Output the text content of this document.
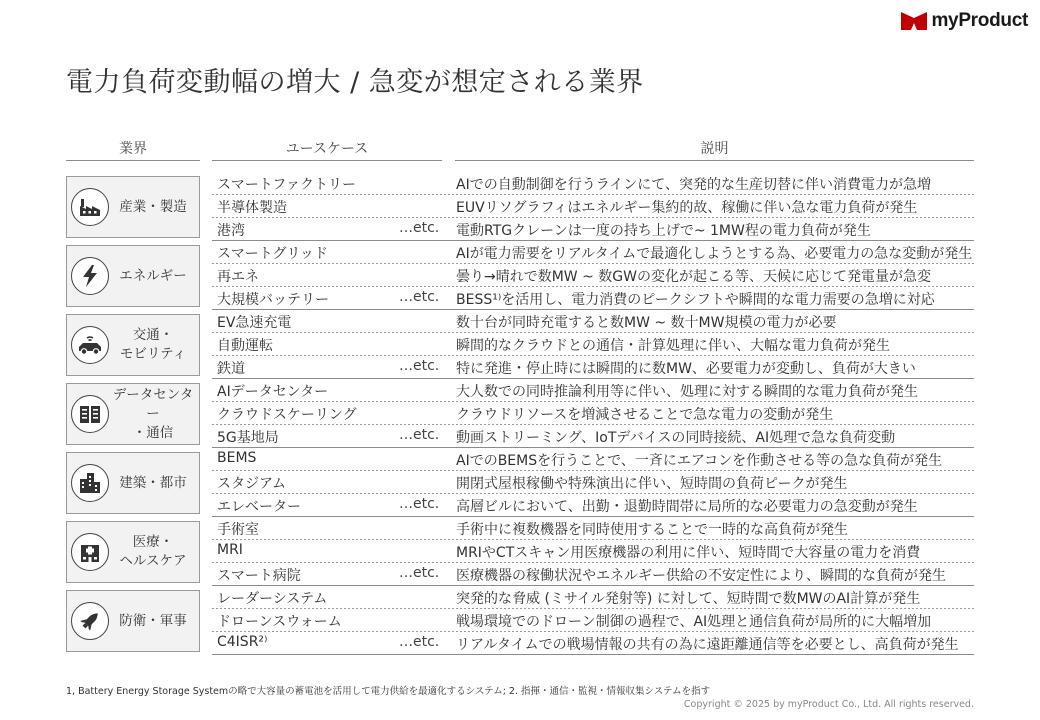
myProduct
電力負荷変動幅の増大 / 急変が想定される業界
業界	ユースケース	説明
産業・製造
スマートファクトリー	AIでの自動制御を行うラインにて、突発的な生産切替に伴い消費電力が急増
半導体製造	EUVリソグラフィはエネルギー集約的故、稼働に伴い急な電力負荷が発生
港湾	…etc. 電動RTGクレーンは一度の持ち上げで~ 1MW程の電力負荷が発生
エネルギー
スマートグリッド	AIが電力需要をリアルタイムで最適化しようとする為、必要電力の急な変動が発生
再エネ	曇り→晴れで数MW ~ 数GWの変化が起こる等、天候に応じて発電量が急変
大規模バッテリー	…etc. BESS¹⁾を活用し、電力消費のピークシフトや瞬間的な電力需要の急増に対応
交通・
モビリティ
EV急速充電	数十台が同時充電すると数MW ~ 数十MW規模の電力が必要
自動運転	瞬間的なクラウドとの通信・計算処理に伴い、大幅な電力負荷が発生
鉄道	…etc. 特に発進・停止時には瞬間的に数MW、必要電力が変動し、負荷が大きい
データセンター
・通信
AIデータセンター	大人数での同時推論利用等に伴い、処理に対する瞬間的な電力負荷が発生
クラウドスケーリング	クラウドリソースを増減させることで急な電力の変動が発生
5G基地局	…etc. 動画ストリーミング、IoTデバイスの同時接続、AI処理で急な負荷変動
建築・都市
BEMS	AIでのBEMSを行うことで、一斉にエアコンを作動させる等の急な負荷が発生
スタジアム	開閉式屋根稼働や特殊演出に伴い、短時間の負荷ピークが発生
エレベーター	…etc. 高層ビルにおいて、出勤・退勤時間帯に局所的な必要電力の急変動が発生
医療・
ヘルスケア
手術室	手術中に複数機器を同時使用することで一時的な高負荷が発生
MRI	MRIやCTスキャン用医療機器の利用に伴い、短時間で大容量の電力を消費
スマート病院	…etc. 医療機器の稼働状況やエネルギー供給の不安定性により、瞬間的な負荷が発生
防衛・軍事
レーダーシステム	突発的な脅威 (ミサイル発射等) に対して、短時間で数MWのAI計算が発生
ドローンスウォーム	戦場環境でのドローン制御の過程で、AI処理と通信負荷が局所的に大幅増加
C4ISR²⁾	…etc. リアルタイムでの戦場情報の共有の為に遠距離通信等を必要とし、高負荷が発生
1, Battery Energy Storage Systemの略で大容量の蓄電池を活用して電力供給を最適化するシステム; 2. 指揮・通信・監視・情報収集システムを指す
Copyright © 2025 by myProduct Co., Ltd. All rights reserved.
